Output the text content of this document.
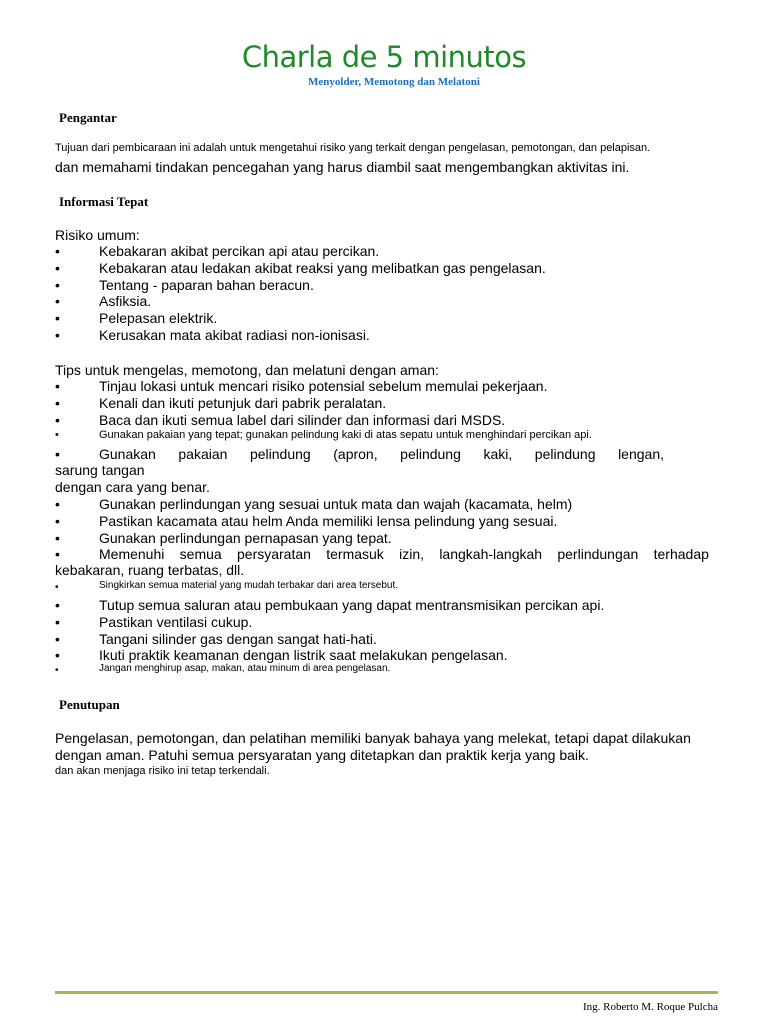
Charla de 5 minutos
Menyolder, Memotong dan Melatoni
Pengantar
Tujuan dari pembicaraan ini adalah untuk mengetahui risiko yang terkait dengan pengelasan, pemotongan, dan pelapisan.
dan memahami tindakan pencegahan yang harus diambil saat mengembangkan aktivitas ini.
Informasi Tepat
Risiko umum:
•	Kebakaran akibat percikan api atau percikan.
•	Kebakaran atau ledakan akibat reaksi yang melibatkan gas pengelasan.
•	Tentang - paparan bahan beracun.
•	Asfiksia.
•	Pelepasan elektrik.
•	Kerusakan mata akibat radiasi non-ionisasi.
Tips untuk mengelas, memotong, dan melatuni dengan aman:
•	Tinjau lokasi untuk mencari risiko potensial sebelum memulai pekerjaan.
•	Kenali dan ikuti petunjuk dari pabrik peralatan.
•	Baca dan ikuti semua label dari silinder dan informasi dari MSDS.
•	Gunakan pakaian yang tepat; gunakan pelindung kaki di atas sepatu untuk menghindari percikan api.
•	Gunakan pakaian pelindung (apron, pelindung kaki, pelindung lengan,
sarung tangan
dengan cara yang benar.
•	Gunakan perlindungan yang sesuai untuk mata dan wajah (kacamata, helm)
•	Pastikan kacamata atau helm Anda memiliki lensa pelindung yang sesuai.
•	Gunakan perlindungan pernapasan yang tepat.
•	Memenuhi semua persyaratan termasuk izin, langkah-langkah perlindungan terhadap
kebakaran, ruang terbatas, dll.
•	Singkirkan semua material yang mudah terbakar dari area tersebut.
•	Tutup semua saluran atau pembukaan yang dapat mentransmisikan percikan api.
•	Pastikan ventilasi cukup.
•	Tangani silinder gas dengan sangat hati-hati.
•	Ikuti praktik keamanan dengan listrik saat melakukan pengelasan.
•	Jangan menghirup asap, makan, atau minum di area pengelasan.
Penutupan
Pengelasan, pemotongan, dan pelatihan memiliki banyak bahaya yang melekat, tetapi dapat dilakukan
dengan aman. Patuhi semua persyaratan yang ditetapkan dan praktik kerja yang baik.
dan akan menjaga risiko ini tetap terkendali.
Ing. Roberto M. Roque Pulcha
